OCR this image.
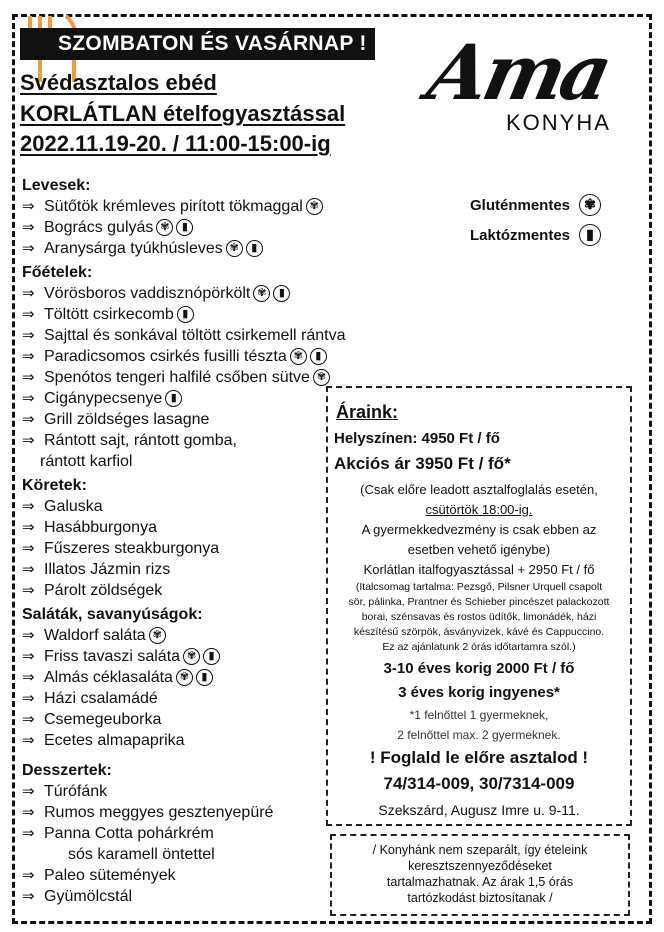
SZOMBATON ÉS VASÁRNAP !
Svédasztalos ebéd
KORLÁTLAN ételfogyasztással
2022.11.19-20. / 11:00-15:00-ig
Ama
KONYHA
Gluténmentes	✾
Laktózmentes	▮
Levesek:
⇒ Sütőtök krémleves pirított tökmaggal ✾
⇒ Bogrács gulyás ✾ ▮
⇒ Aranysárga tyúkhúsleves ✾ ▮
Főételek:
⇒ Vörösboros vaddisznópörkölt ✾ ▮
⇒ Töltött csirkecomb ▮
⇒ Sajttal és sonkával töltött csirkemell rántva
⇒ Paradicsomos csirkés fusilli tészta ✾ ▮
⇒ Spenótos tengeri halfilé csőben sütve ✾
⇒ Cigánypecsenye ▮
⇒ Grill zöldséges lasagne
⇒ Rántott sajt, rántott gomba,
rántott karfiol
Köretek:
⇒ Galuska
⇒ Hasábburgonya
⇒ Fűszeres steakburgonya
⇒ Illatos Jázmin rizs
⇒ Párolt zöldségek
Saláták, savanyúságok:
⇒ Waldorf saláta ✾
⇒ Friss tavaszi saláta ✾ ▮
⇒ Almás céklasaláta ✾ ▮
⇒ Házi csalamádé
⇒ Csemegeuborka
⇒ Ecetes almapaprika
Desszertek:
⇒ Túrófánk
⇒ Rumos meggyes gesztenyepüré
⇒ Panna Cotta pohárkrém
sós karamell öntettel
⇒ Paleo sütemények
⇒ Gyümölcstál
Áraink:
Helyszínen: 4950 Ft / fő
Akciós ár 3950 Ft / fő*
(Csak előre leadott asztalfoglalás esetén,
csütörtök 18:00-ig.
A gyermekkedvezmény is csak ebben az
esetben vehető igénybe)
Korlátlan italfogyasztással + 2950 Ft / fő
(Italcsomag tartalma: Pezsgő, Pilsner Urquell csapolt
sör, pálinka, Prantner és Schieber pincészet palackozott
borai, szénsavas és rostos üdítők, limonádék, házi
készítésű szörpök, ásványvizek, kávé és Cappuccino.
Ez az ajánlatunk 2 órás időtartamra szól.)
3-10 éves korig 2000 Ft / fő
3 éves korig ingyenes*
*1 felnőttel 1 gyermeknek,
2 felnőttel max. 2 gyermeknek.
! Foglald le előre asztalod !
74/314-009, 30/7314-009
Szekszárd, Augusz Imre u. 9-11.
/ Konyhánk nem szeparált, így ételeink
keresztszennyeződéseket
tartalmazhatnak. Az árak 1,5 órás
tartózkodást biztosítanak /
